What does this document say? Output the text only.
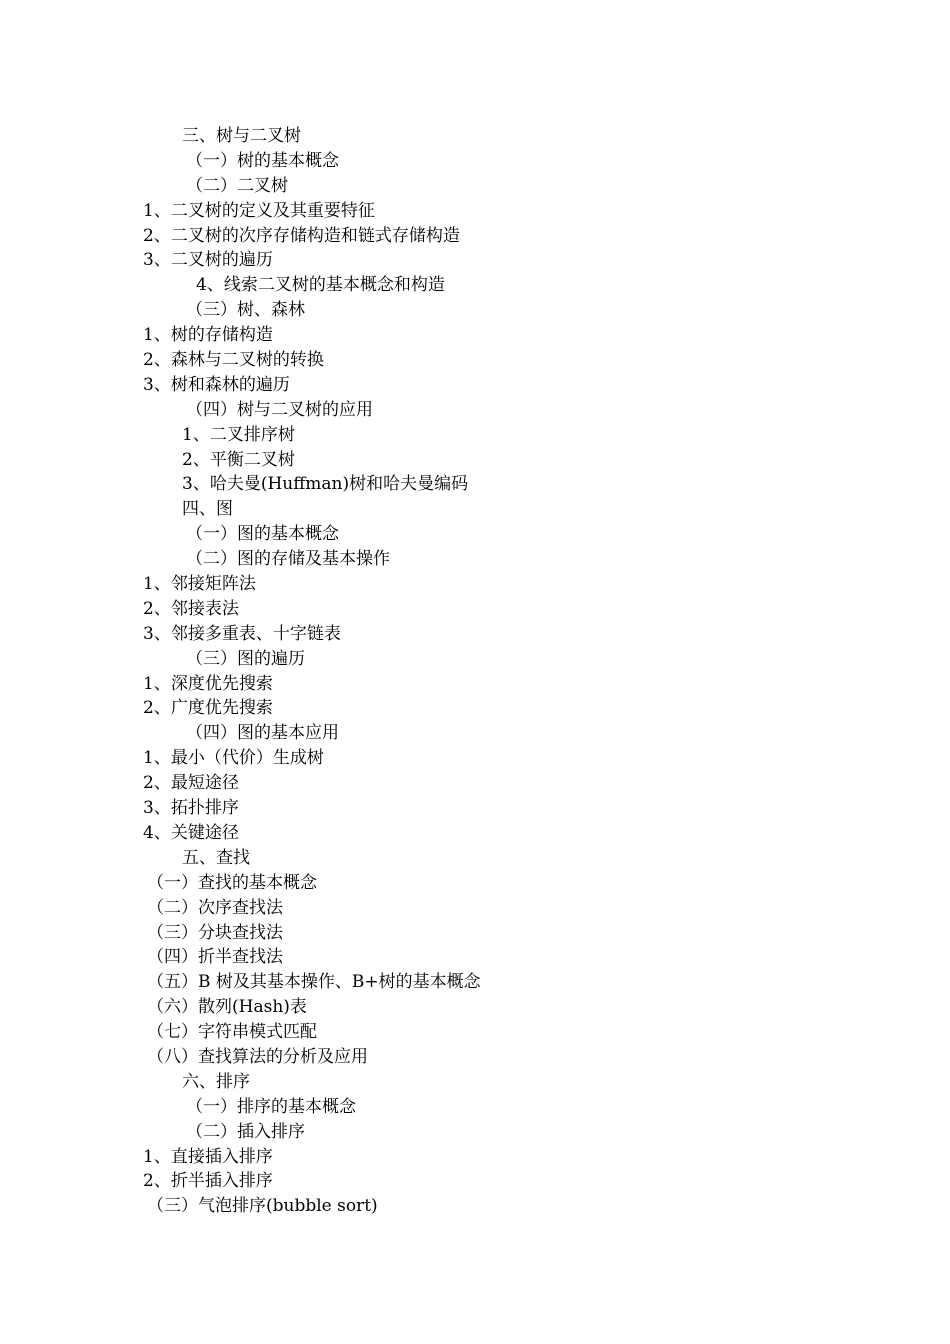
三、树与二叉树
（一）树的基本概念
（二）二叉树
1、二叉树的定义及其重要特征
2、二叉树的次序存储构造和链式存储构造
3、二叉树的遍历
4、线索二叉树的基本概念和构造
（三）树、森林
1、树的存储构造
2、森林与二叉树的转换
3、树和森林的遍历
（四）树与二叉树的应用
1、二叉排序树
2、平衡二叉树
3、哈夫曼(Huffman)树和哈夫曼编码
四、图
（一）图的基本概念
（二）图的存储及基本操作
1、邻接矩阵法
2、邻接表法
3、邻接多重表、十字链表
（三）图的遍历
1、深度优先搜索
2、广度优先搜索
（四）图的基本应用
1、最小（代价）生成树
2、最短途径
3、拓扑排序
4、关键途径
五、查找
（一）查找的基本概念
（二）次序查找法
（三）分块查找法
（四）折半查找法
（五）B 树及其基本操作、B+树的基本概念
（六）散列(Hash)表
（七）字符串模式匹配
（八）查找算法的分析及应用
六、排序
（一）排序的基本概念
（二）插入排序
1、直接插入排序
2、折半插入排序
（三）气泡排序(bubble sort)
